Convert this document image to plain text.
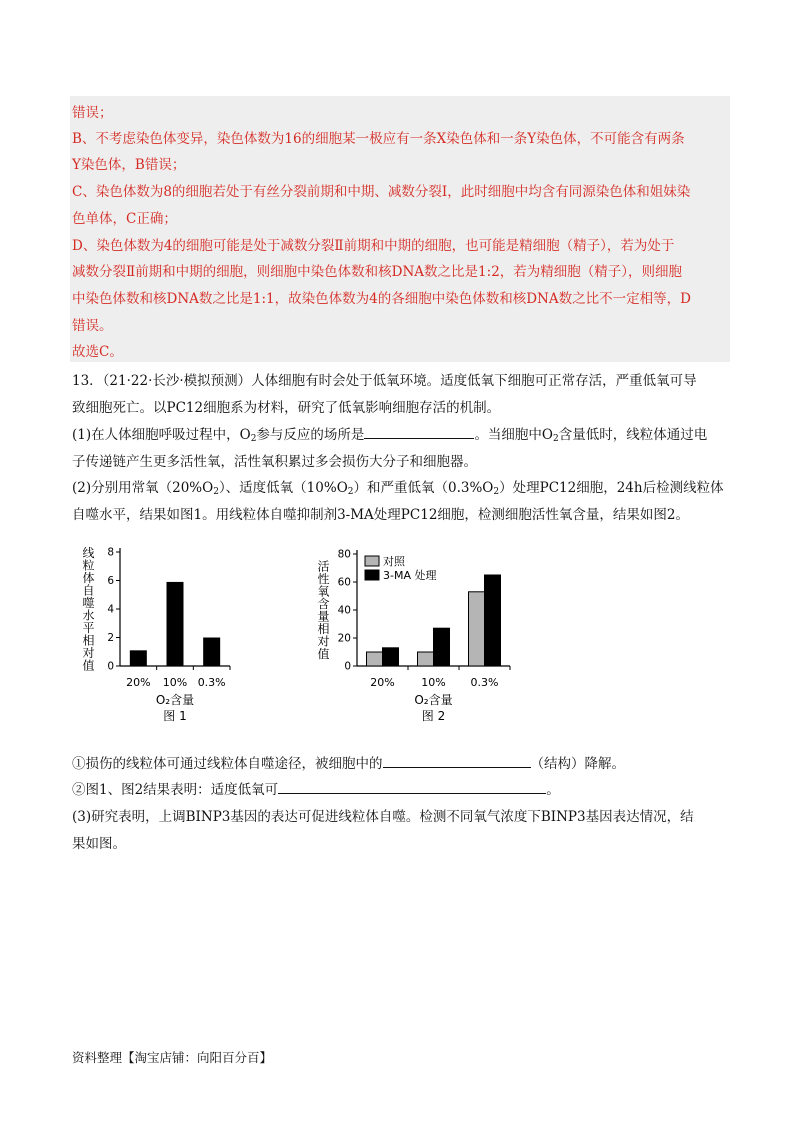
错误；
B、不考虑染色体变异，染色体数为16的细胞某一极应有一条X染色体和一条Y染色体，不可能含有两条
Y染色体，B错误；
C、染色体数为8的细胞若处于有丝分裂前期和中期、减数分裂Ⅰ，此时细胞中均含有同源染色体和姐妹染
色单体，C正确；
D、染色体数为4的细胞可能是处于减数分裂Ⅱ前期和中期的细胞，也可能是精细胞（精子），若为处于
减数分裂Ⅱ前期和中期的细胞，则细胞中染色体数和核DNA数之比是1:2，若为精细胞（精子），则细胞
中染色体数和核DNA数之比是1:1，故染色体数为4的各细胞中染色体数和核DNA数之比不一定相等，D
错误。
故选C。
13．（21·22·长沙·模拟预测）人体细胞有时会处于低氧环境。适度低氧下细胞可正常存活，严重低氧可导
致细胞死亡。以PC12细胞系为材料，研究了低氧影响细胞存活的机制。
(1)在人体细胞呼吸过程中，$O_2$参与反应的场所是	。当细胞中$O_2$含量低时，线粒体通过电
子传递链产生更多活性氧，活性氧积累过多会损伤大分子和细胞器。
(2)分别用常氧$(20\%O_2)$、适度低氧$(10\%O_2)$和严重低氧$(0.3\%O_2)$处理PC12细胞，24h后检测线粒体
自噬水平，结果如图1。用线粒体自噬抑制剂3-MA处理PC12细胞，检测细胞活性氧含量，结果如图2。
0
2
4
6
8
线粒体自噬水平相对值
20% 10% 0.3%
O₂含量
图 1
0
20
40
60
80
活性氧含量相对值
20% 10% 0.3%
O₂含量
图 2
对照
3-MA 处理
①损伤的线粒体可通过线粒体自噬途径，被细胞中的	（结构）降解。
②图1、图2结果表明：适度低氧可	。
(3)研究表明，上调BINP3基因的表达可促进线粒体自噬。检测不同氧气浓度下BINP3基因表达情况，结
果如图。
资料整理【淘宝店铺：向阳百分百】
